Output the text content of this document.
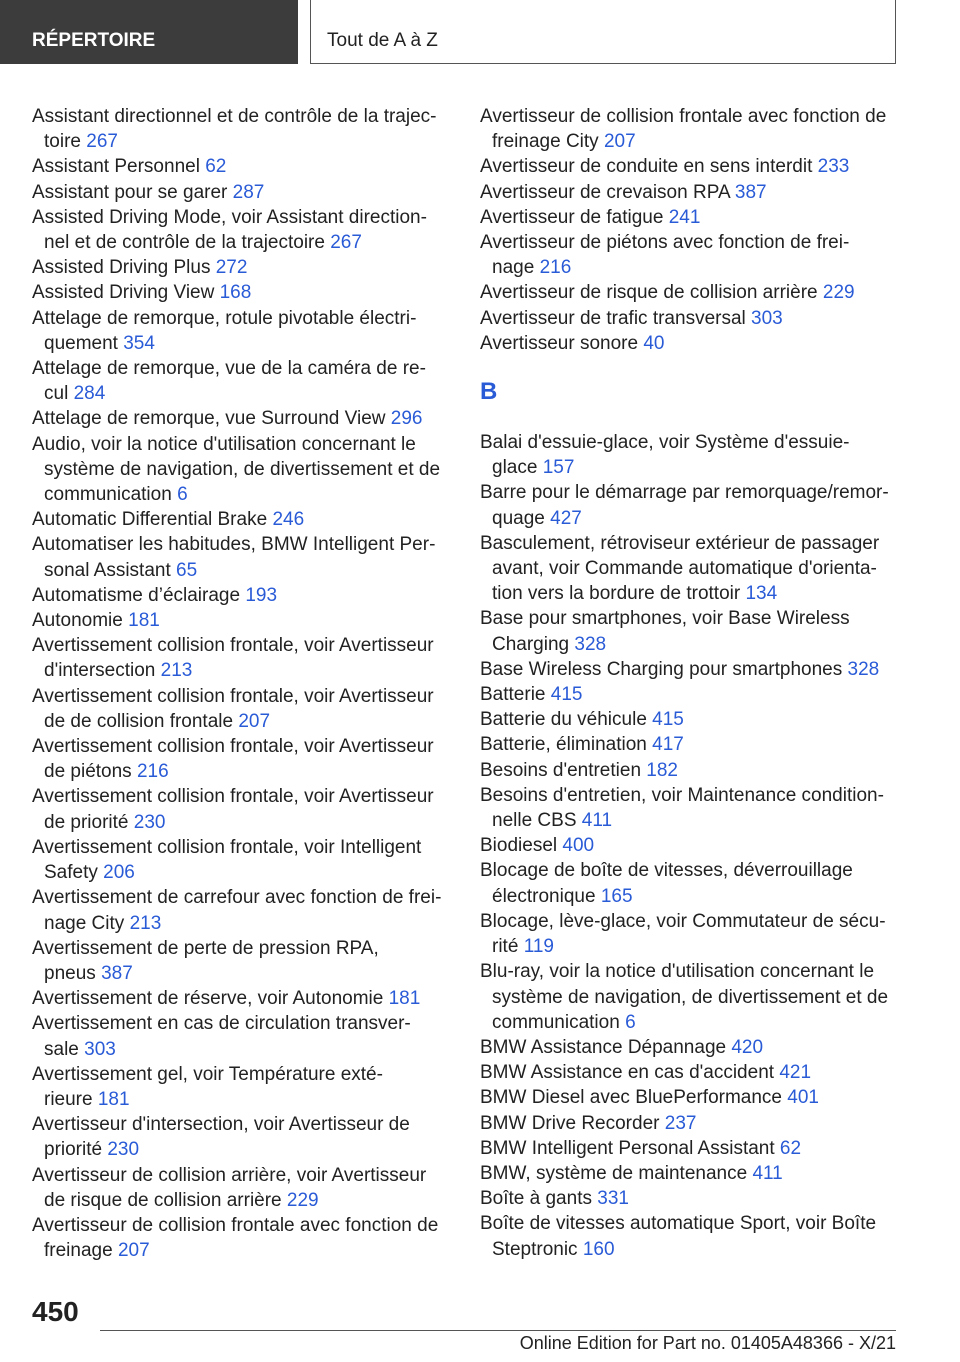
RÉPERTOIRE	Tout de A à Z
Assistant directionnel et de contrôle de la trajec-
toire 267
Assistant Personnel 62
Assistant pour se garer 287
Assisted Driving Mode, voir Assistant direction-
nel et de contrôle de la trajectoire 267
Assisted Driving Plus 272
Assisted Driving View 168
Attelage de remorque, rotule pivotable électri-
quement 354
Attelage de remorque, vue de la caméra de re-
cul 284
Attelage de remorque, vue Surround View 296
Audio, voir la notice d'utilisation concernant le
système de navigation, de divertissement et de
communication 6
Automatic Differential Brake 246
Automatiser les habitudes, BMW Intelligent Per-
sonal Assistant 65
Automatisme d’éclairage 193
Autonomie 181
Avertissement collision frontale, voir Avertisseur
d'intersection 213
Avertissement collision frontale, voir Avertisseur
de de collision frontale 207
Avertissement collision frontale, voir Avertisseur
de piétons 216
Avertissement collision frontale, voir Avertisseur
de priorité 230
Avertissement collision frontale, voir Intelligent
Safety 206
Avertissement de carrefour avec fonction de frei-
nage City 213
Avertissement de perte de pression RPA,
pneus 387
Avertissement de réserve, voir Autonomie 181
Avertissement en cas de circulation transver-
sale 303
Avertissement gel, voir Température exté-
rieure 181
Avertisseur d'intersection, voir Avertisseur de
priorité 230
Avertisseur de collision arrière, voir Avertisseur
de risque de collision arrière 229
Avertisseur de collision frontale avec fonction de
freinage 207
Avertisseur de collision frontale avec fonction de
freinage City 207
Avertisseur de conduite en sens interdit 233
Avertisseur de crevaison RPA 387
Avertisseur de fatigue 241
Avertisseur de piétons avec fonction de frei-
nage 216
Avertisseur de risque de collision arrière 229
Avertisseur de trafic transversal 303
Avertisseur sonore 40
B
Balai d'essuie-glace, voir Système d'essuie-
glace 157
Barre pour le démarrage par remorquage/remor-
quage 427
Basculement, rétroviseur extérieur de passager
avant, voir Commande automatique d'orienta-
tion vers la bordure de trottoir 134
Base pour smartphones, voir Base Wireless
Charging 328
Base Wireless Charging pour smartphones 328
Batterie 415
Batterie du véhicule 415
Batterie, élimination 417
Besoins d'entretien 182
Besoins d'entretien, voir Maintenance condition-
nelle CBS 411
Biodiesel 400
Blocage de boîte de vitesses, déverrouillage
électronique 165
Blocage, lève-glace, voir Commutateur de sécu-
rité 119
Blu-ray, voir la notice d'utilisation concernant le
système de navigation, de divertissement et de
communication 6
BMW Assistance Dépannage 420
BMW Assistance en cas d'accident 421
BMW Diesel avec BluePerformance 401
BMW Drive Recorder 237
BMW Intelligent Personal Assistant 62
BMW, système de maintenance 411
Boîte à gants 331
Boîte de vitesses automatique Sport, voir Boîte
Steptronic 160
450
Online Edition for Part no. 01405A48366 - X/21
